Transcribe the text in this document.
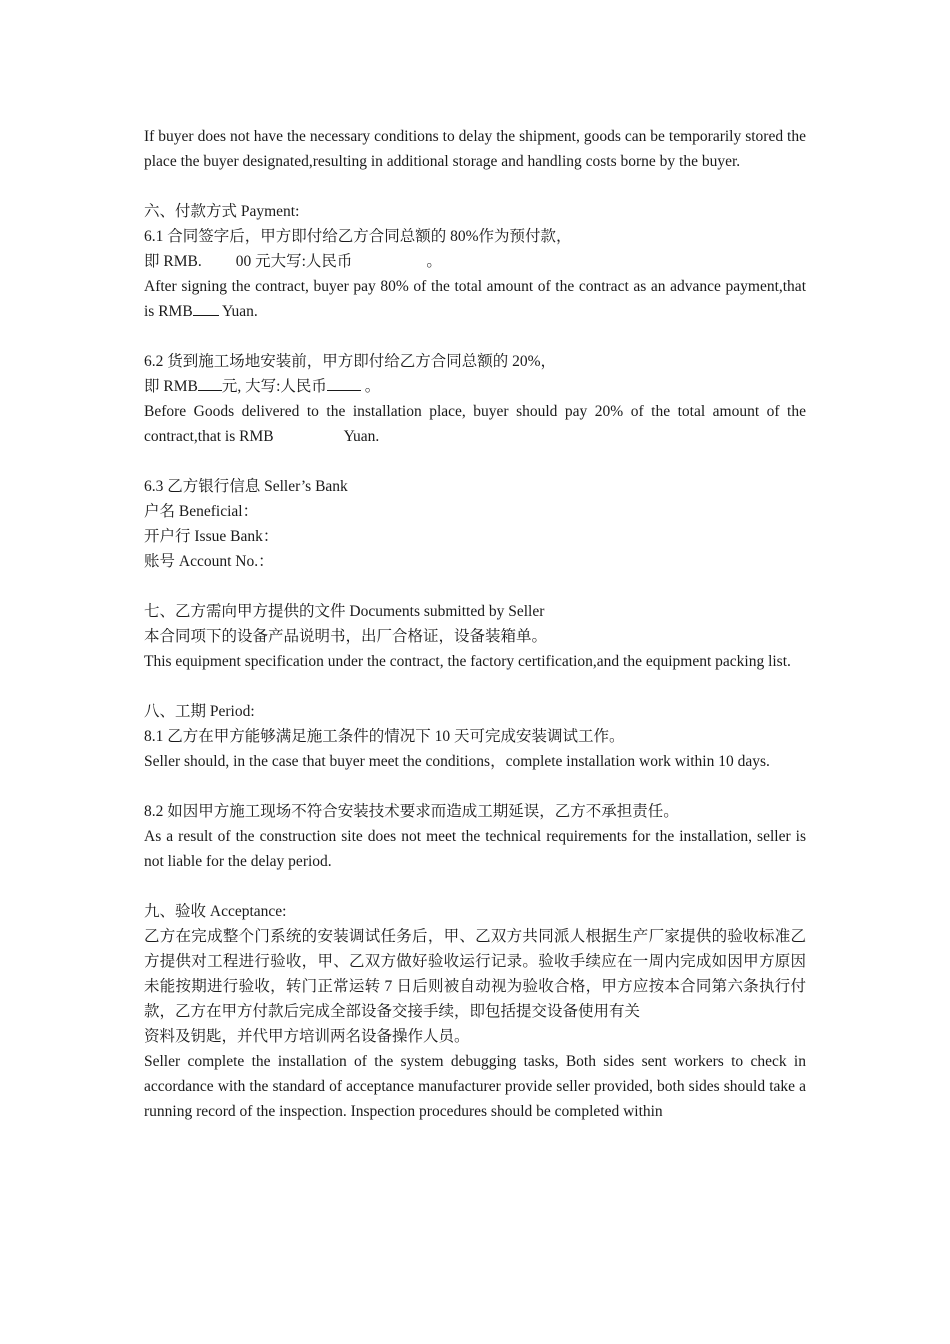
If buyer does not have the necessary conditions to delay the shipment, goods can be temporarily stored the place the buyer designated,resulting in additional storage and handling costs borne by the buyer.
六、付款方式 Payment:
6.1 合同签字后，甲方即付给乙方合同总额的 80%作为预付款，
即 RMB. 00 元大写:人民币	。
After signing the contract, buyer pay 80% of the total amount of the contract as an advance payment,that is RMB Yuan.
6.2 货到施工场地安装前，甲方即付给乙方合同总额的 20%，
即 RMB 元, 大写:人民币 。
Before Goods delivered to the installation place, buyer should pay 20% of the total amount of the contract,that is RMB	Yuan.
6.3 乙方银行信息 Seller’s Bank
户名 Beneficial：
开户行 Issue Bank：
账号 Account No.：
七、乙方需向甲方提供的文件 Documents submitted by Seller
本合同项下的设备产品说明书，出厂合格证，设备装箱单。
This equipment specification under the contract, the factory certification,and the equipment packing list.
八、工期 Period:
8.1 乙方在甲方能够满足施工条件的情况下 10 天可完成安装调试工作。
Seller should, in the case that buyer meet the conditions，complete installation work within 10 days.
8.2 如因甲方施工现场不符合安装技术要求而造成工期延误，乙方不承担责任。
As a result of the construction site does not meet the technical requirements for the installation, seller is not liable for the delay period.
九、验收 Acceptance:
乙方在完成整个门系统的安装调试任务后，甲、乙双方共同派人根据生产厂家提供的验收标准乙方提供对工程进行验收，甲、乙双方做好验收运行记录。验收手续应在一周内完成如因甲方原因未能按期进行验收，转门正常运转 7 日后则被自动视为验收合格，甲方应按本合同第六条执行付款，乙方在甲方付款后完成全部设备交接手续，即包括提交设备使用有关
资料及钥匙，并代甲方培训两名设备操作人员。
Seller complete the installation of the system debugging tasks, Both sides sent workers to check in accordance with the standard of acceptance manufacturer provide seller provided, both sides should take a running record of the inspection. Inspection procedures should be completed within
